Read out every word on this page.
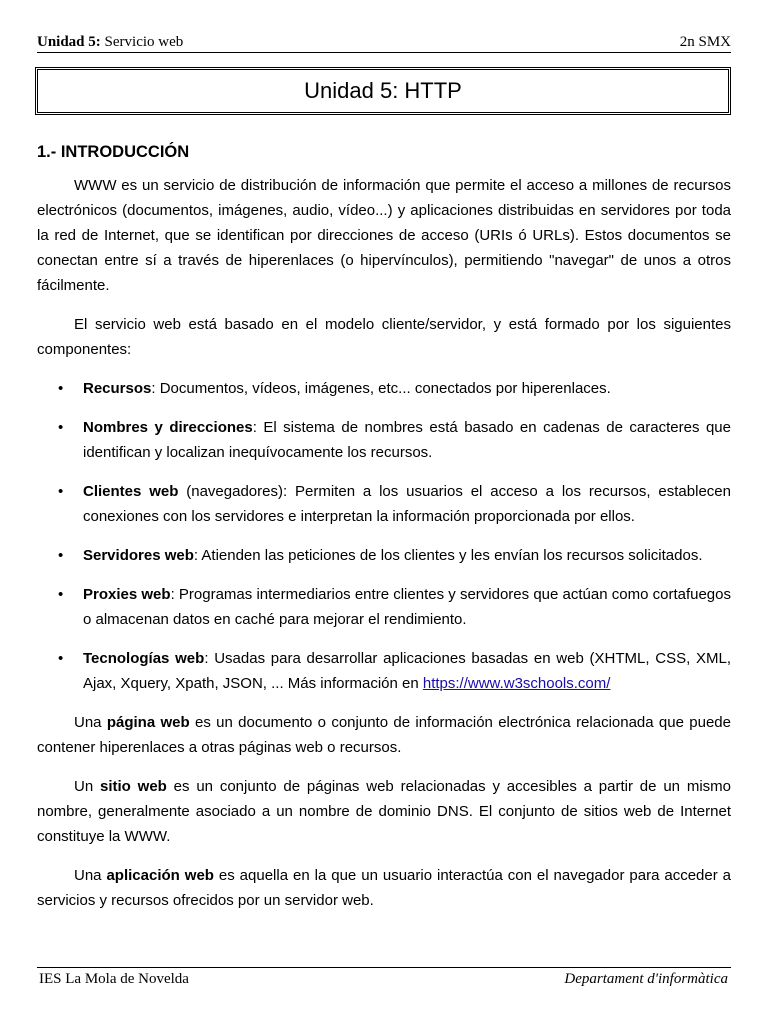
Unidad 5: Servicio web	2n SMX
Unidad 5: HTTP
1.- INTRODUCCIÓN

WWW es un servicio de distribución de información que permite el acceso a millones de recursos electrónicos (documentos, imágenes, audio, vídeo...) y aplicaciones distribuidas en servidores por toda la red de Internet, que se identifican por direcciones de acceso (URIs ó URLs). Estos documentos se conectan entre sí a través de hiperenlaces (o hipervínculos), permitiendo "navegar" de unos a otros fácilmente.

El servicio web está basado en el modelo cliente/servidor, y está formado por los siguientes componentes:

• Recursos: Documentos, vídeos, imágenes, etc... conectados por hiperenlaces.
• Nombres y direcciones: El sistema de nombres está basado en cadenas de caracteres que identifican y localizan inequívocamente los recursos.
• Clientes web (navegadores): Permiten a los usuarios el acceso a los recursos, establecen conexiones con los servidores e interpretan la información proporcionada por ellos.
• Servidores web: Atienden las peticiones de los clientes y les envían los recursos solicitados.
• Proxies web: Programas intermediarios entre clientes y servidores que actúan como cortafuegos o almacenan datos en caché para mejorar el rendimiento.
• Tecnologías web: Usadas para desarrollar aplicaciones basadas en web (XHTML, CSS, XML, Ajax, Xquery, Xpath, JSON, ... Más información en https://www.w3schools.com/

Una página web es un documento o conjunto de información electrónica relacionada que puede contener hiperenlaces a otras páginas web o recursos.

Un sitio web es un conjunto de páginas web relacionadas y accesibles a partir de un mismo nombre, generalmente asociado a un nombre de dominio DNS. El conjunto de sitios web de Internet constituye la WWW.

Una aplicación web es aquella en la que un usuario interactúa con el navegador para acceder a servicios y recursos ofrecidos por un servidor web.

IES La Mola de Novelda	Departament d'informàtica
